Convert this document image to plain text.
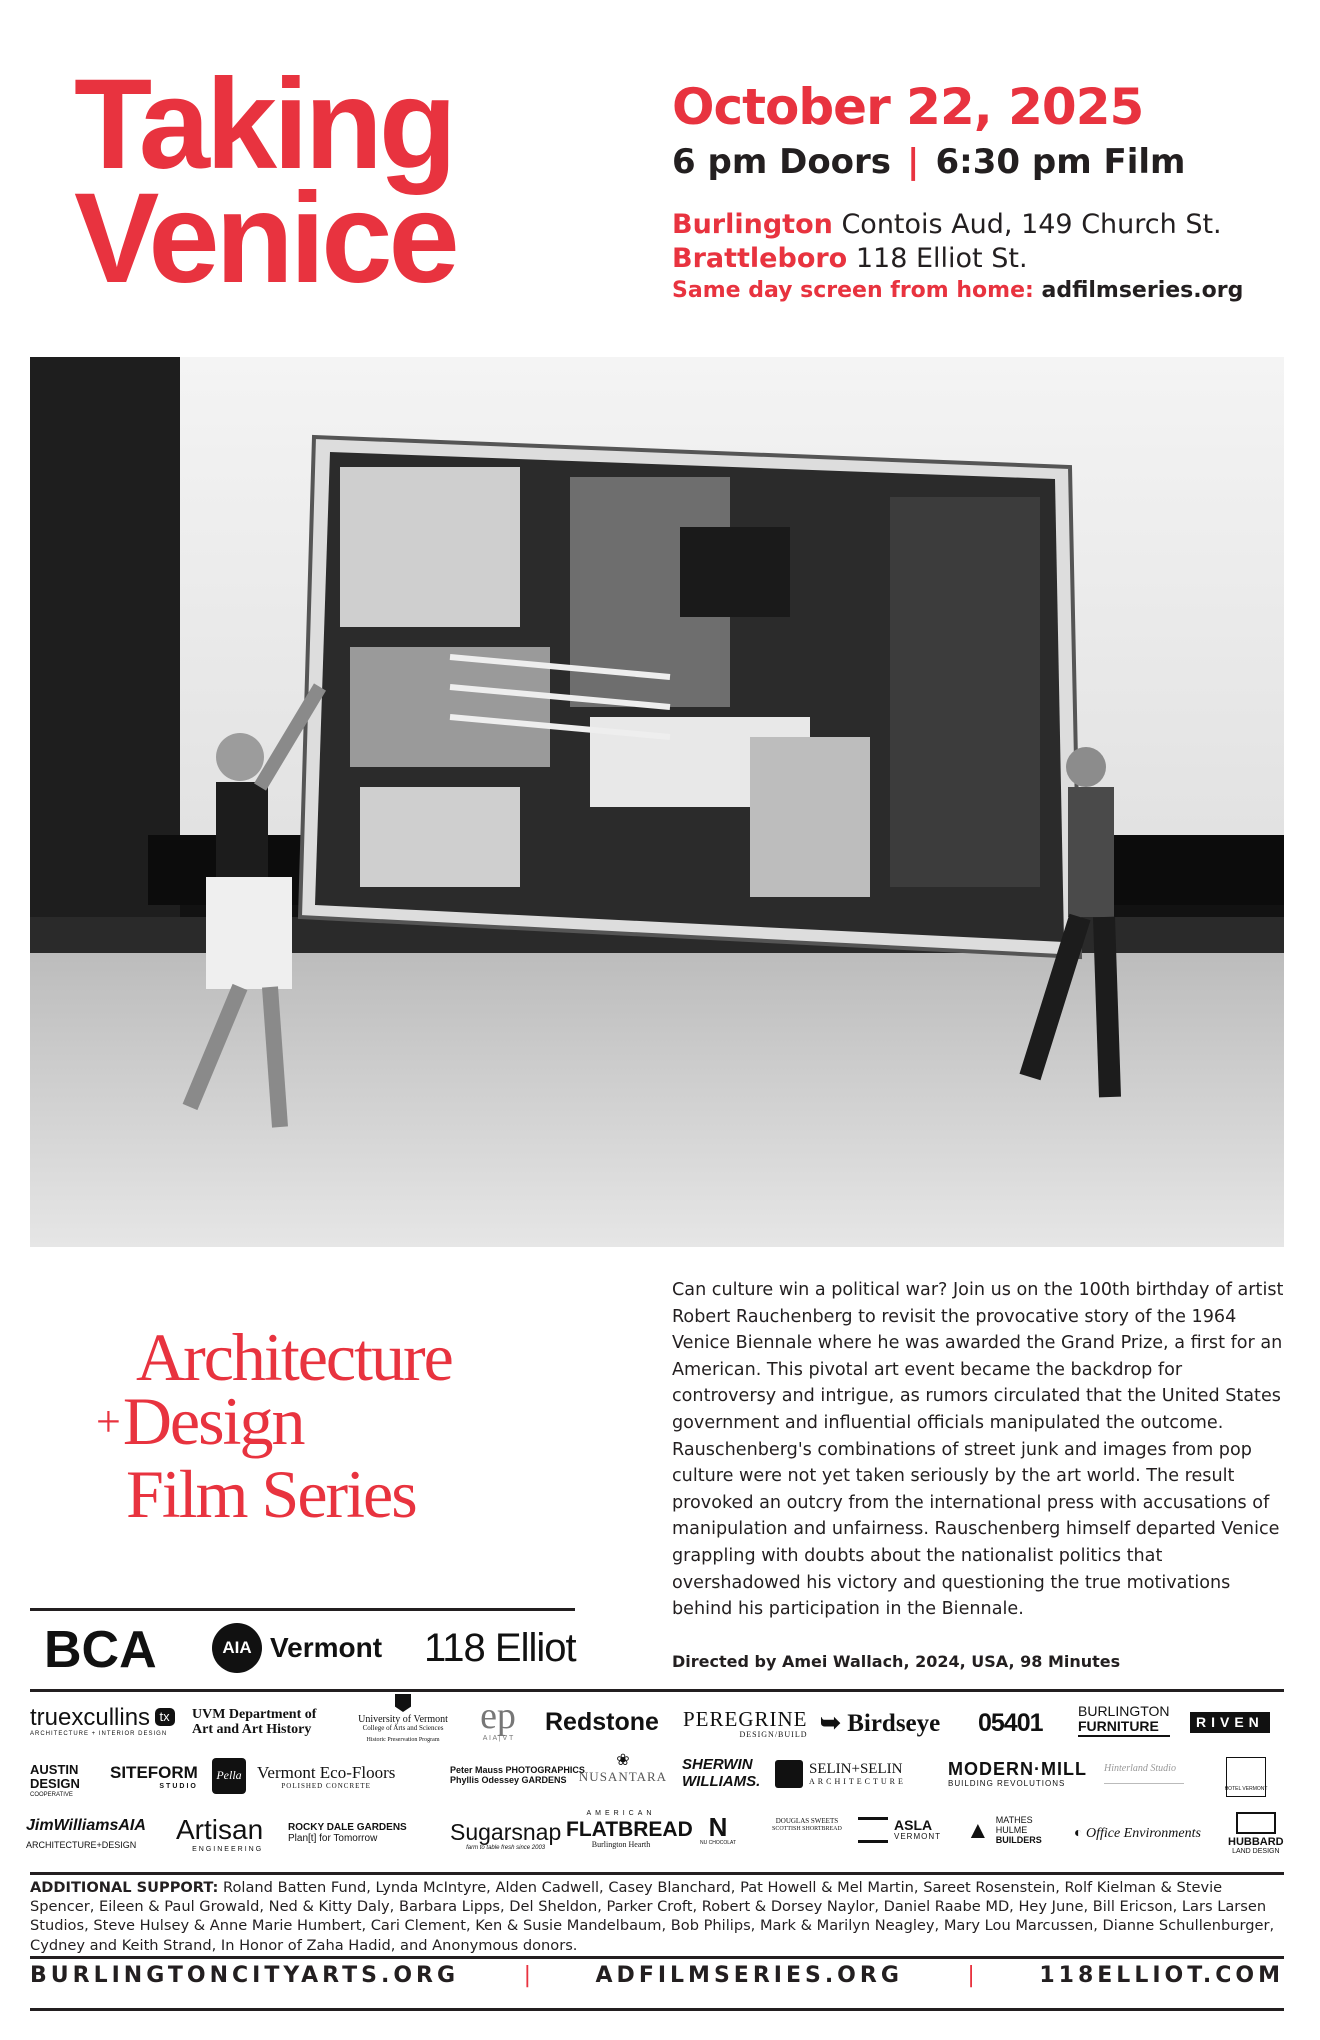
Taking
Venice
October 22, 2025
6 pm Doors | 6:30 pm Film
Burlington Contois Aud, 149 Church St.
Brattleboro 118 Elliot St.
Same day screen from home: adfilmseries.org
Architecture
+Design
Film Series
Can culture win a political war? Join us on the 100th birthday of artist Robert Rauchenberg to revisit the provocative story of the 1964 Venice Biennale where he was awarded the Grand Prize, a first for an American. This pivotal art event became the backdrop for controversy and intrigue, as rumors circulated that the United States government and influential officials manipulated the outcome. Rauschenberg's combinations of street junk and images from pop culture were not yet taken seriously by the art world. The result provoked an outcry from the international press with accusations of manipulation and unfairness. Rauschenberg himself departed Venice grappling with doubts about the nationalist politics that overshadowed his victory and questioning the true motivations behind his participation in the Biennale.
Directed by Amei Wallach, 2024, USA, 98 Minutes
BCA	AIA Vermont 118 Elliot
truexcullins tx
ARCHITECTURE + INTERIOR DESIGN
UVM Department of
Art and Art History
University of Vermont
College of Arts and Sciences
Historic Preservation Program
ep
A I A | V T
Redstone PEREGRINE
DESIGN/BUILD ➥ Birdseye 05401	BURLINGTON
FURNITURE	RIVEN
AUSTIN
DESIGN
COOPERATIVE
SITEFORM
STUDIO
Pella Vermont Eco-Floors
POLISHED CONCRETE
Peter Mauss PHOTOGRAPHICS
Phyllis Odessey GARDENS
❀
NUSANTARA
SHERWIN
WILLIAMS.
SELIN+SELIN
ARCHITECTURE
MODERN·MILL
BUILDING REVOLUTIONS
Hinterland Studio
HOTEL VERMONT
JimWilliamsAIA
ARCHITECTURE+DESIGN	Artisan
ENGINEERING
ROCKY DALE GARDENS
Plan[t] for Tomorrow	Sugarsnap
farm to table fresh since 2003
AMERICAN
FLATBREAD
Burlington Hearth
N
NU CHOCOLAT
DOUGLAS SWEETS
SCOTTISH SHORTBREAD	ASLA
VERMONT ▲ MATHES
HULME
BUILDERS ◐ Office Environments
HUBBARD
LAND DESIGN
ADDITIONAL SUPPORT: Roland Batten Fund, Lynda McIntyre, Alden Cadwell, Casey Blanchard, Pat Howell & Mel Martin, Sareet Rosenstein, Rolf Kielman & Stevie Spencer, Eileen & Paul Growald, Ned & Kitty Daly, Barbara Lipps, Del Sheldon, Parker Croft, Robert & Dorsey Naylor, Daniel Raabe MD, Hey June, Bill Ericson, Lars Larsen Studios, Steve Hulsey & Anne Marie Humbert, Cari Clement, Ken & Susie Mandelbaum, Bob Philips, Mark & Marilyn Neagley, Mary Lou Marcussen, Dianne Schullenburger, Cydney and Keith Strand, In Honor of Zaha Hadid, and Anonymous donors.
BURLINGTONCITYARTS.ORG	|	ADFILMSERIES.ORG	|	118ELLIOT.COM
